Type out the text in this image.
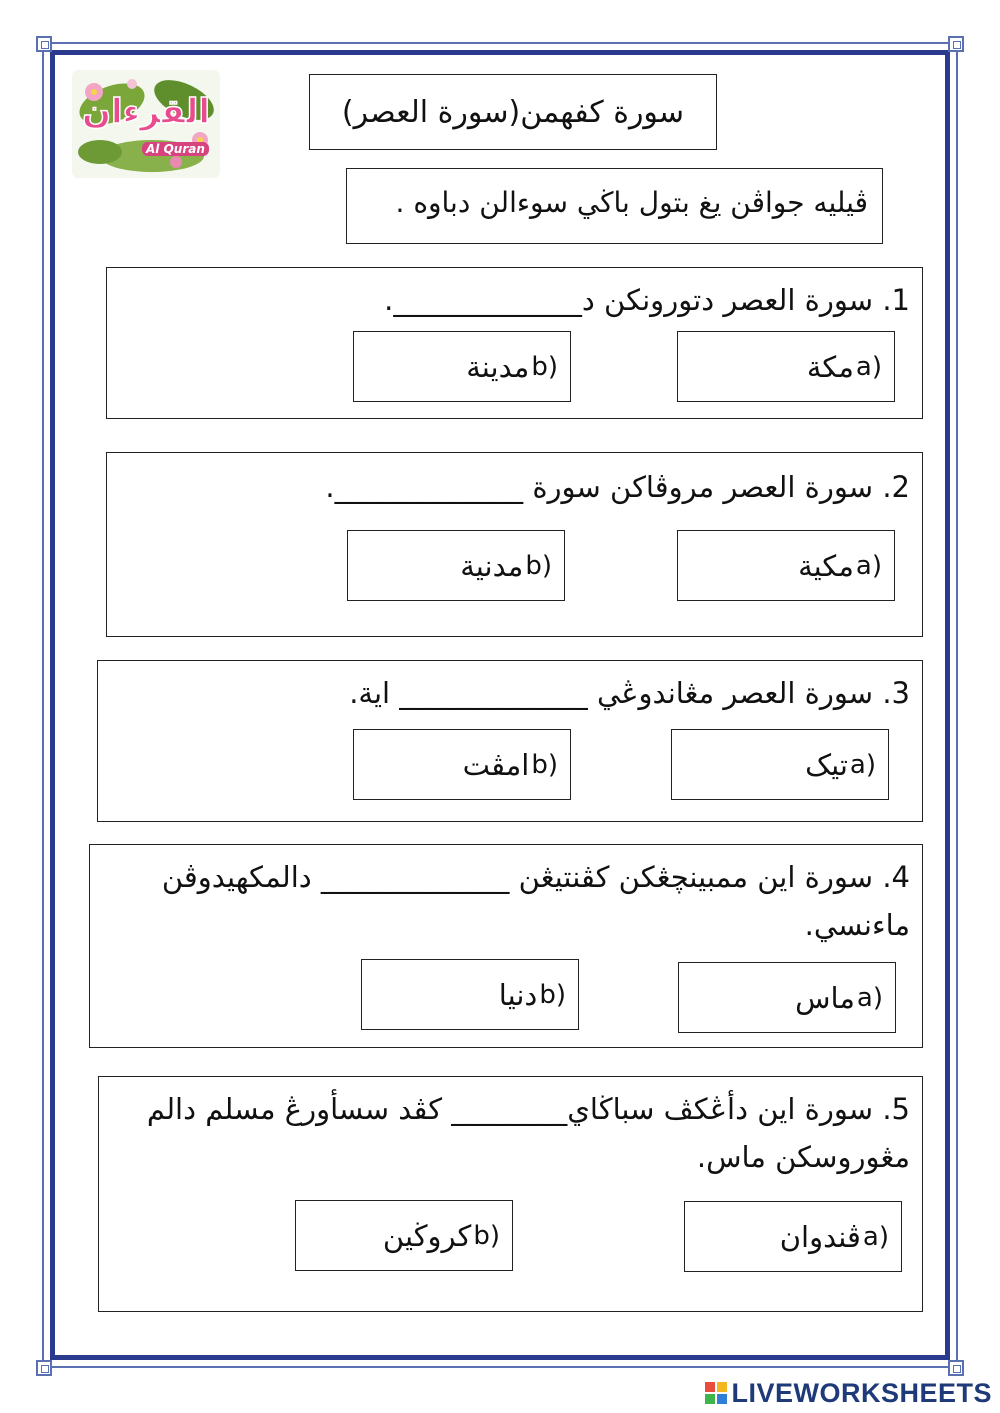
القرءان
Al Quran
سورة كفهمن(سورة العصر)
ڤيليه جواڤن يغ بتول باڬي سوءالن دباوه .
1. سورة العصر دتورونكن د_____________.
مكة a)
مدينة b)
2. سورة العصر مروڤاكن سورة _____________.
مكية a)
مدنية b)
3. سورة العصر مڠاندوڠي _____________ اية.
تيک a)
امڤت b)
4. سورة اين ممبينچڠكن كڤنتيڠن _____________ دالمكهيدوڤن
ماءنسي.
ماس a)
دنيا b)
5. سورة اين دأڠكڤ سباڬاي________ كڤد سسأورڠ مسلم دالم
مڠوروسكن ماس.
ڤندوان a)
كروڬين b)
LIVEWORKSHEETS
